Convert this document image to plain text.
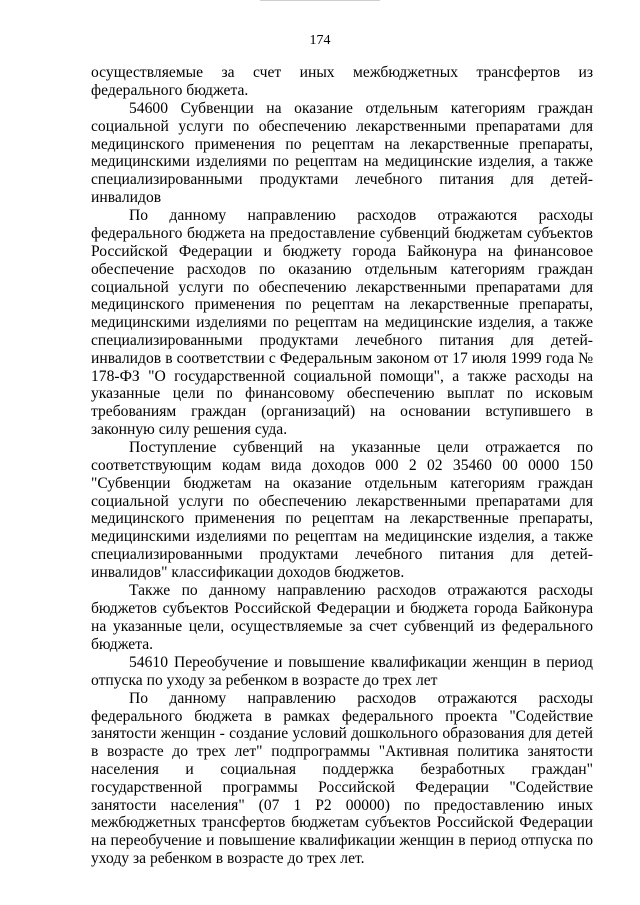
174

осуществляемые за счет иных межбюджетных трансфертов из федерального бюджета.

54600 Субвенции на оказание отдельным категориям граждан социальной услуги по обеспечению лекарственными препаратами для медицинского применения по рецептам на лекарственные препараты, медицинскими изделиями по рецептам на медицинские изделия, а также специализированными продуктами лечебного питания для детей-инвалидов

По данному направлению расходов отражаются расходы федерального бюджета на предоставление субвенций бюджетам субъектов Российской Федерации и бюджету города Байконура на финансовое обеспечение расходов по оказанию отдельным категориям граждан социальной услуги по обеспечению лекарственными препаратами для медицинского применения по рецептам на лекарственные препараты, медицинскими изделиями по рецептам на медицинские изделия, а также специализированными продуктами лечебного питания для детей-инвалидов в соответствии с Федеральным законом от 17 июля 1999 года № 178-ФЗ "О государственной социальной помощи", а также расходы на указанные цели по финансовому обеспечению выплат по исковым требованиям граждан (организаций) на основании вступившего в законную силу решения суда.

Поступление субвенций на указанные цели отражается по соответствующим кодам вида доходов 000 2 02 35460 00 0000 150 "Субвенции бюджетам на оказание отдельным категориям граждан социальной услуги по обеспечению лекарственными препаратами для медицинского применения по рецептам на лекарственные препараты, медицинскими изделиями по рецептам на медицинские изделия, а также специализированными продуктами лечебного питания для детей-инвалидов" классификации доходов бюджетов.

Также по данному направлению расходов отражаются расходы бюджетов субъектов Российской Федерации и бюджета города Байконура на указанные цели, осуществляемые за счет субвенций из федерального бюджета.

54610 Переобучение и повышение квалификации женщин в период отпуска по уходу за ребенком в возрасте до трех лет

По данному направлению расходов отражаются расходы федерального бюджета в рамках федерального проекта "Содействие занятости женщин - создание условий дошкольного образования для детей в возрасте до трех лет" подпрограммы "Активная политика занятости населения и социальная поддержка безработных граждан" государственной программы Российской Федерации "Содействие занятости населения" (07 1 Р2 00000) по предоставлению иных межбюджетных трансфертов бюджетам субъектов Российской Федерации на переобучение и повышение квалификации женщин в период отпуска по уходу за ребенком в возрасте до трех лет.
